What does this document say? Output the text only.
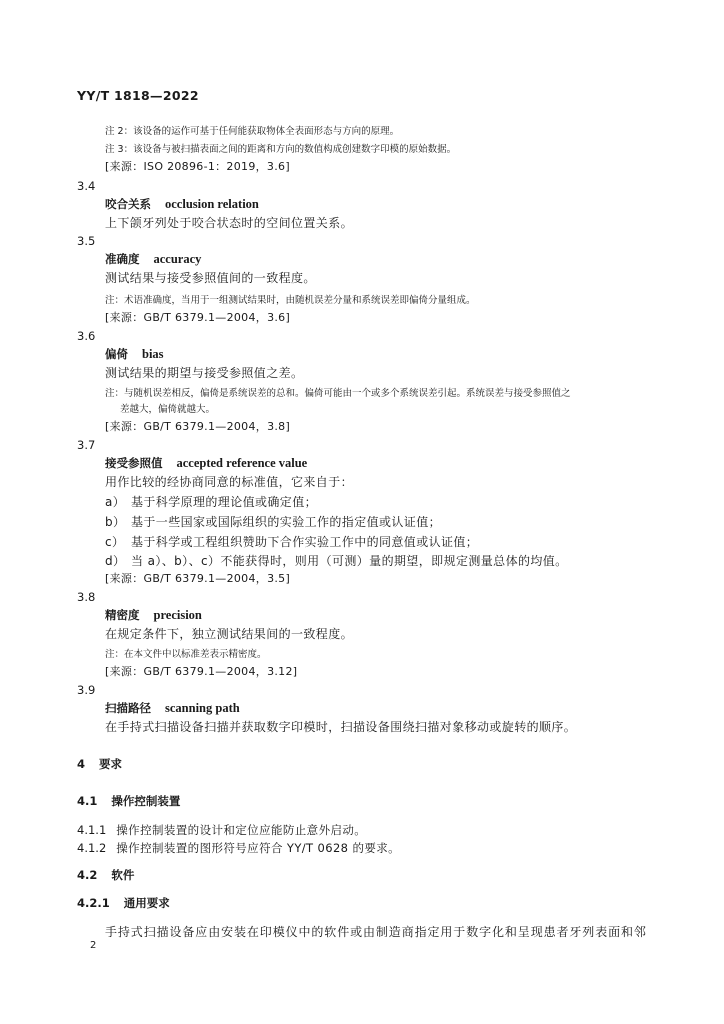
YY/T 1818—2022
注 2：该设备的运作可基于任何能获取物体全表面形态与方向的原理。
注 3：该设备与被扫描表面之间的距离和方向的数值构成创建数字印模的原始数据。
[来源：ISO 20896-1：2019，3.6]
3.4
咬合关系 occlusion relation
上下颌牙列处于咬合状态时的空间位置关系。
3.5
准确度 accuracy
测试结果与接受参照值间的一致程度。
注：术语准确度，当用于一组测试结果时，由随机误差分量和系统误差即偏倚分量组成。
[来源：GB/T 6379.1—2004，3.6]
3.6
偏倚 bias
测试结果的期望与接受参照值之差。
注：与随机误差相反，偏倚是系统误差的总和。偏倚可能由一个或多个系统误差引起。系统误差与接受参照值之
差越大，偏倚就越大。
[来源：GB/T 6379.1—2004，3.8]
3.7
接受参照值 accepted reference value
用作比较的经协商同意的标准值，它来自于：
a） 基于科学原理的理论值或确定值；
b） 基于一些国家或国际组织的实验工作的指定值或认证值；
c） 基于科学或工程组织赞助下合作实验工作中的同意值或认证值；
d） 当 a）、b）、c）不能获得时，则用（可测）量的期望，即规定测量总体的均值。
[来源：GB/T 6379.1—2004，3.5]
3.8
精密度 precision
在规定条件下，独立测试结果间的一致程度。
注：在本文件中以标准差表示精密度。
[来源：GB/T 6379.1—2004，3.12]
3.9
扫描路径 scanning path
在手持式扫描设备扫描并获取数字印模时，扫描设备围绕扫描对象移动或旋转的顺序。
4 要求
4.1 操作控制装置
4.1.1 操作控制装置的设计和定位应能防止意外启动。
4.1.2 操作控制装置的图形符号应符合 YY/T 0628 的要求。
4.2 软件
4.2.1 通用要求
手持式扫描设备应由安装在印模仪中的软件或由制造商指定用于数字化和呈现患者牙列表面和邻
2
